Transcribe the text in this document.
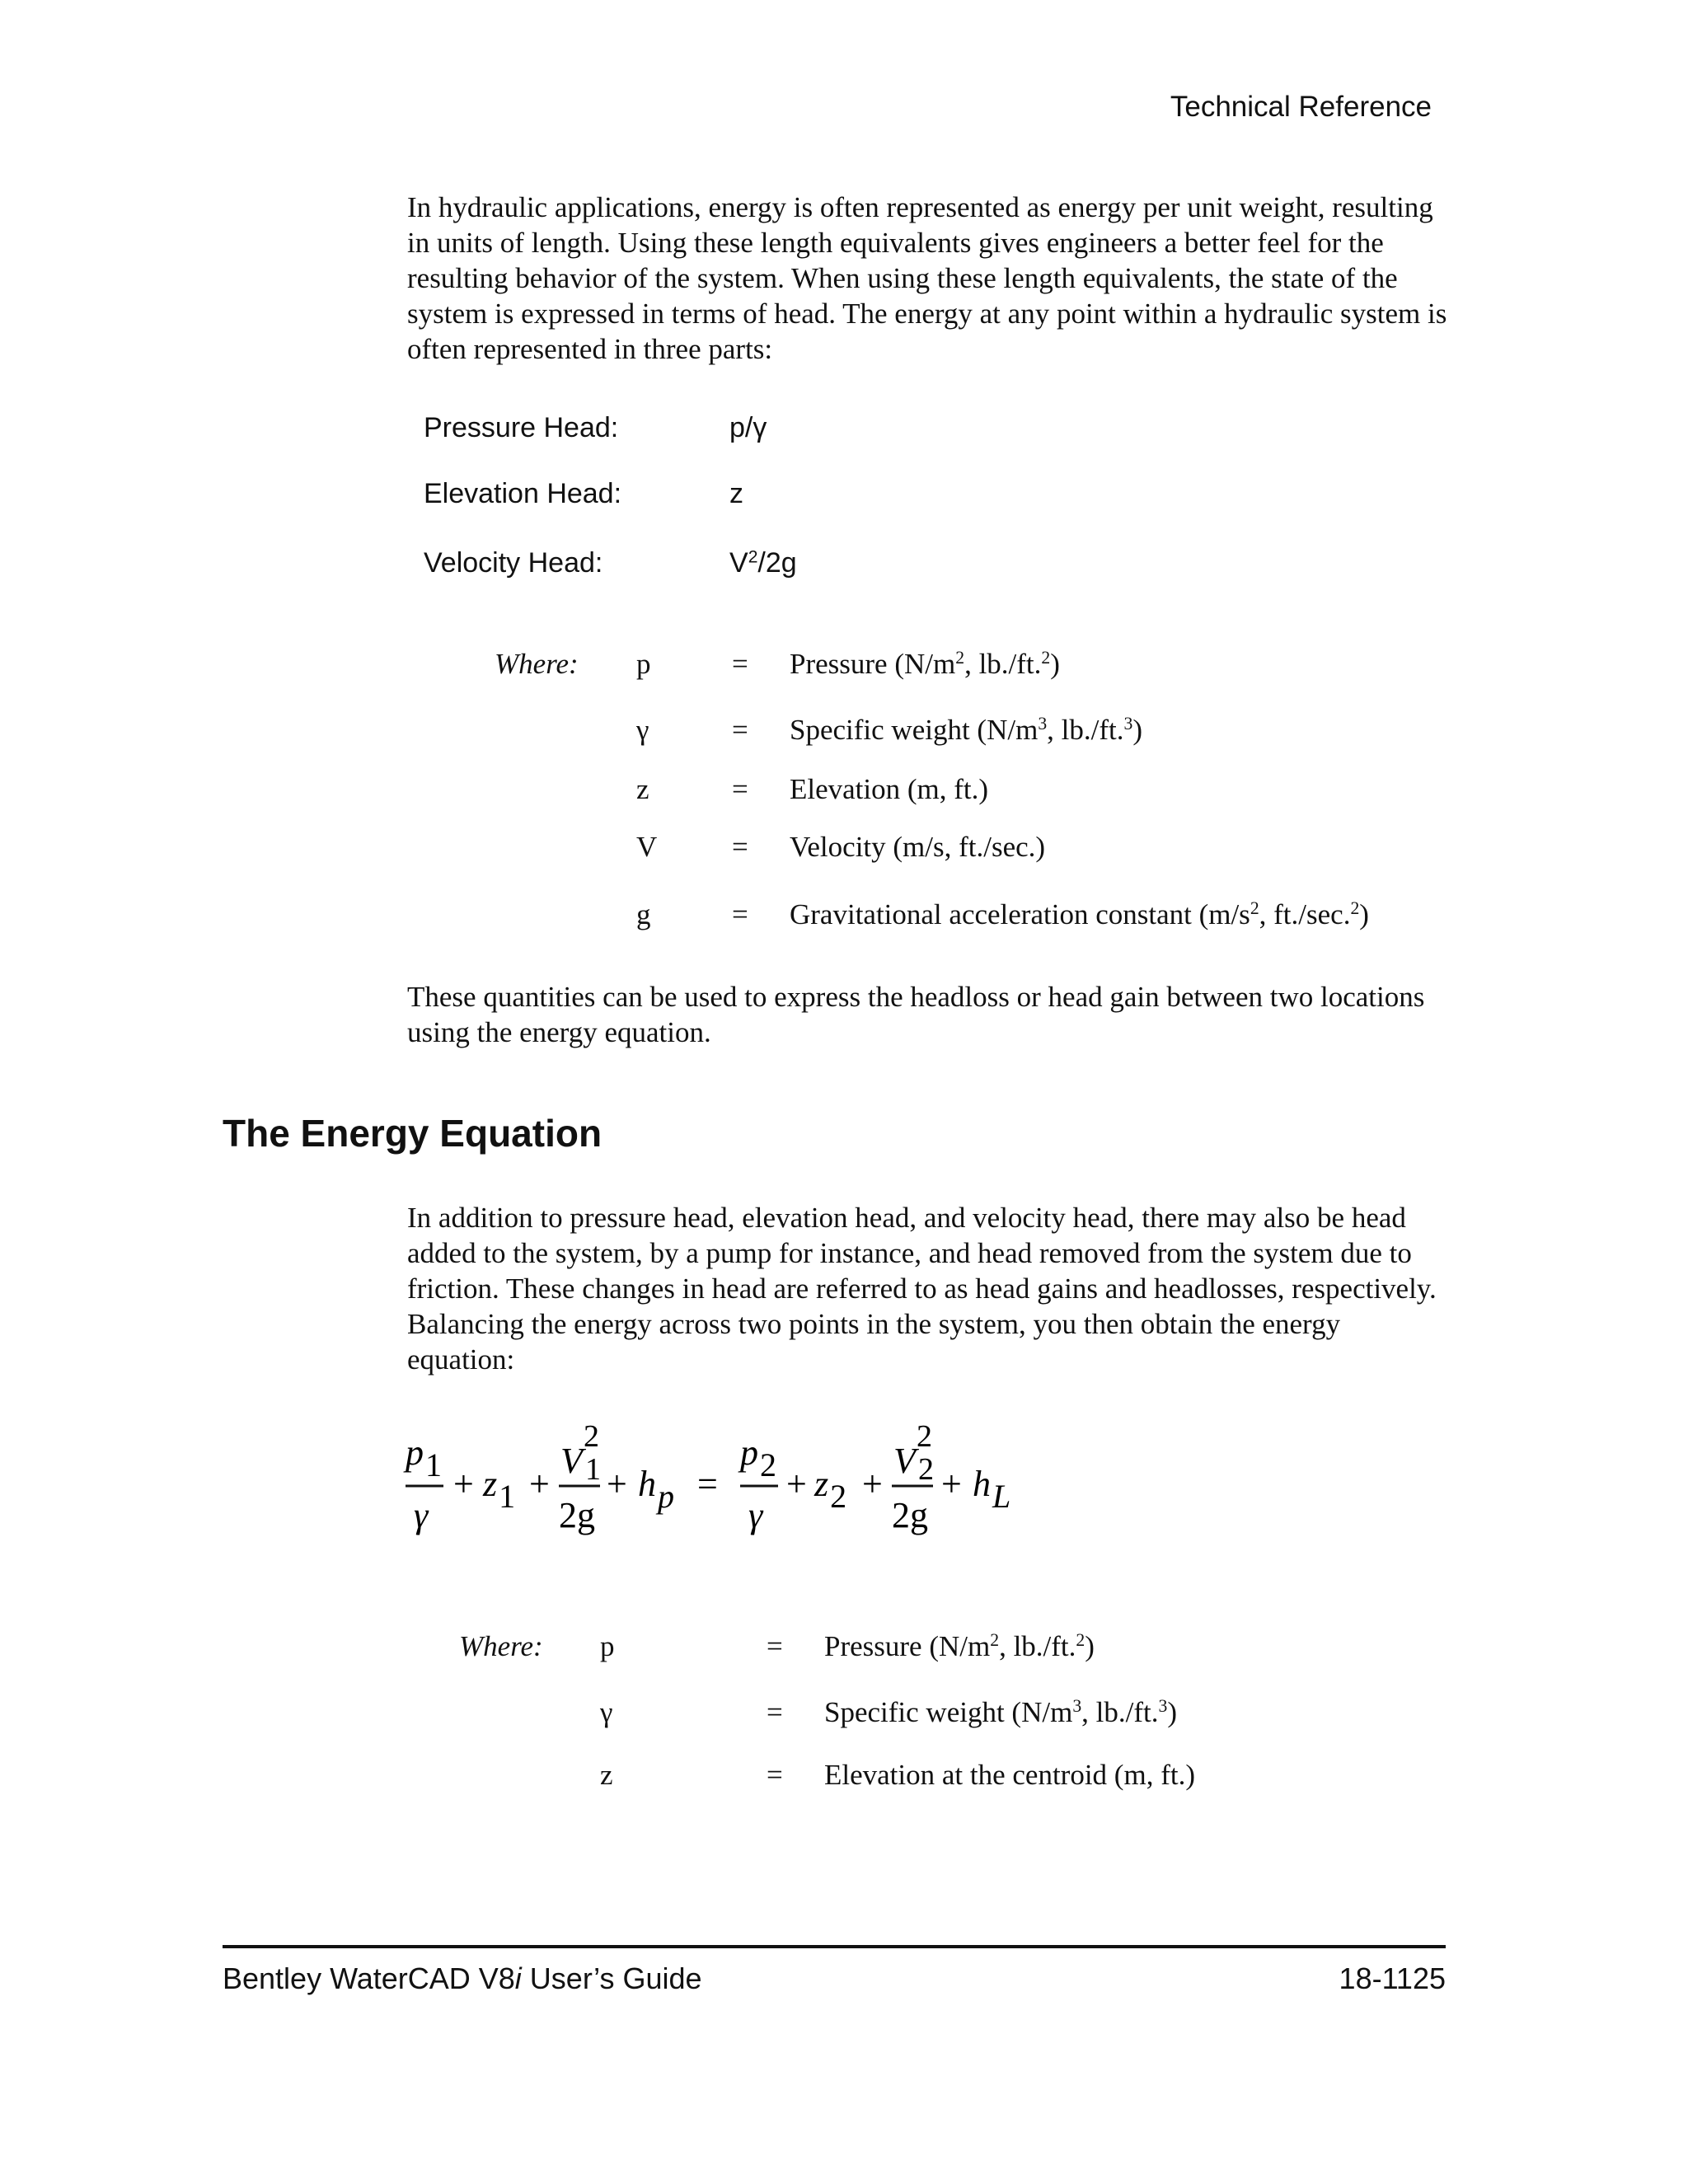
Technical Reference

In hydraulic applications, energy is often represented as energy per unit weight, resulting in units of length. Using these length equivalents gives engineers a better feel for the resulting behavior of the system. When using these length equivalents, the state of the system is expressed in terms of head. The energy at any point within a hydraulic system is often represented in three parts:

Pressure Head:	p/γ
Elevation Head:	z
Velocity Head:	$V^2/2g$
Where: p	= Pressure ($N/m^2$, lb./ft.$^2$)
γ	= Specific weight ($N/m^3$, lb./ft.$^3$)
z	= Elevation (m, ft.)
V	= Velocity (m/s, ft./sec.)
g	= Gravitational acceleration constant ($m/s^2$, ft./sec.$^2$)

These quantities can be used to express the headloss or head gain between two locations using the energy equation.

The Energy Equation

In addition to pressure head, elevation head, and velocity head, there may also be head added to the system, by a pump for instance, and head removed from the system due to friction. These changes in head are referred to as head gains and headlosses, respectively. Balancing the energy across two points in the system, you then obtain the energy equation:

p1
γ
+ z1 +
V
2
1
2g
+ hp =
p2
γ
+ z2 +
V
2
2
2g
+ hL
Where: p	= Pressure ($N/m^2$, lb./ft.$^2$)
γ	= Specific weight ($N/m^3$, lb./ft.$^3$)
z	= Elevation at the centroid (m, ft.)
Bentley WaterCAD V8i User’s Guide	18-1125
